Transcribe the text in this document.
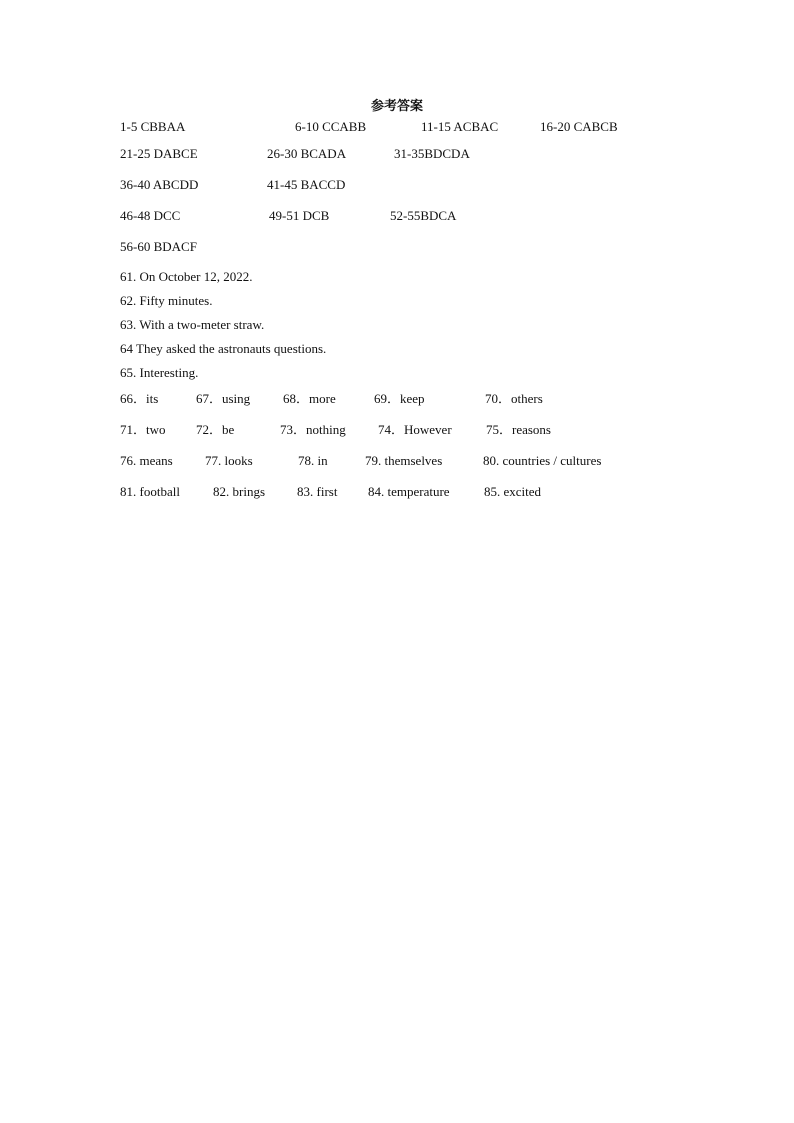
参考答案
1-5 CBBAA	6-10 CCABB	11-15 ACBAC	16-20 CABCB
21-25 DABCE	26-30 BCADA	31-35BDCDA
36-40 ABCDD	41-45 BACCD
46-48 DCC	49-51 DCB	52-55BDCA
56-60 BDACF
61. On October 12, 2022.
62. Fifty minutes.
63. With a two-meter straw.
64 They asked the astronauts questions.
65. Interesting.
66．its	67．using	68．more	69．keep	70．others
71．two 72．be	73．nothing 74．However	75．reasons
76. means 77. looks	78. in	79. themselves	80. countries / cultures
81. football	82. brings 83. first 84. temperature	85. excited
